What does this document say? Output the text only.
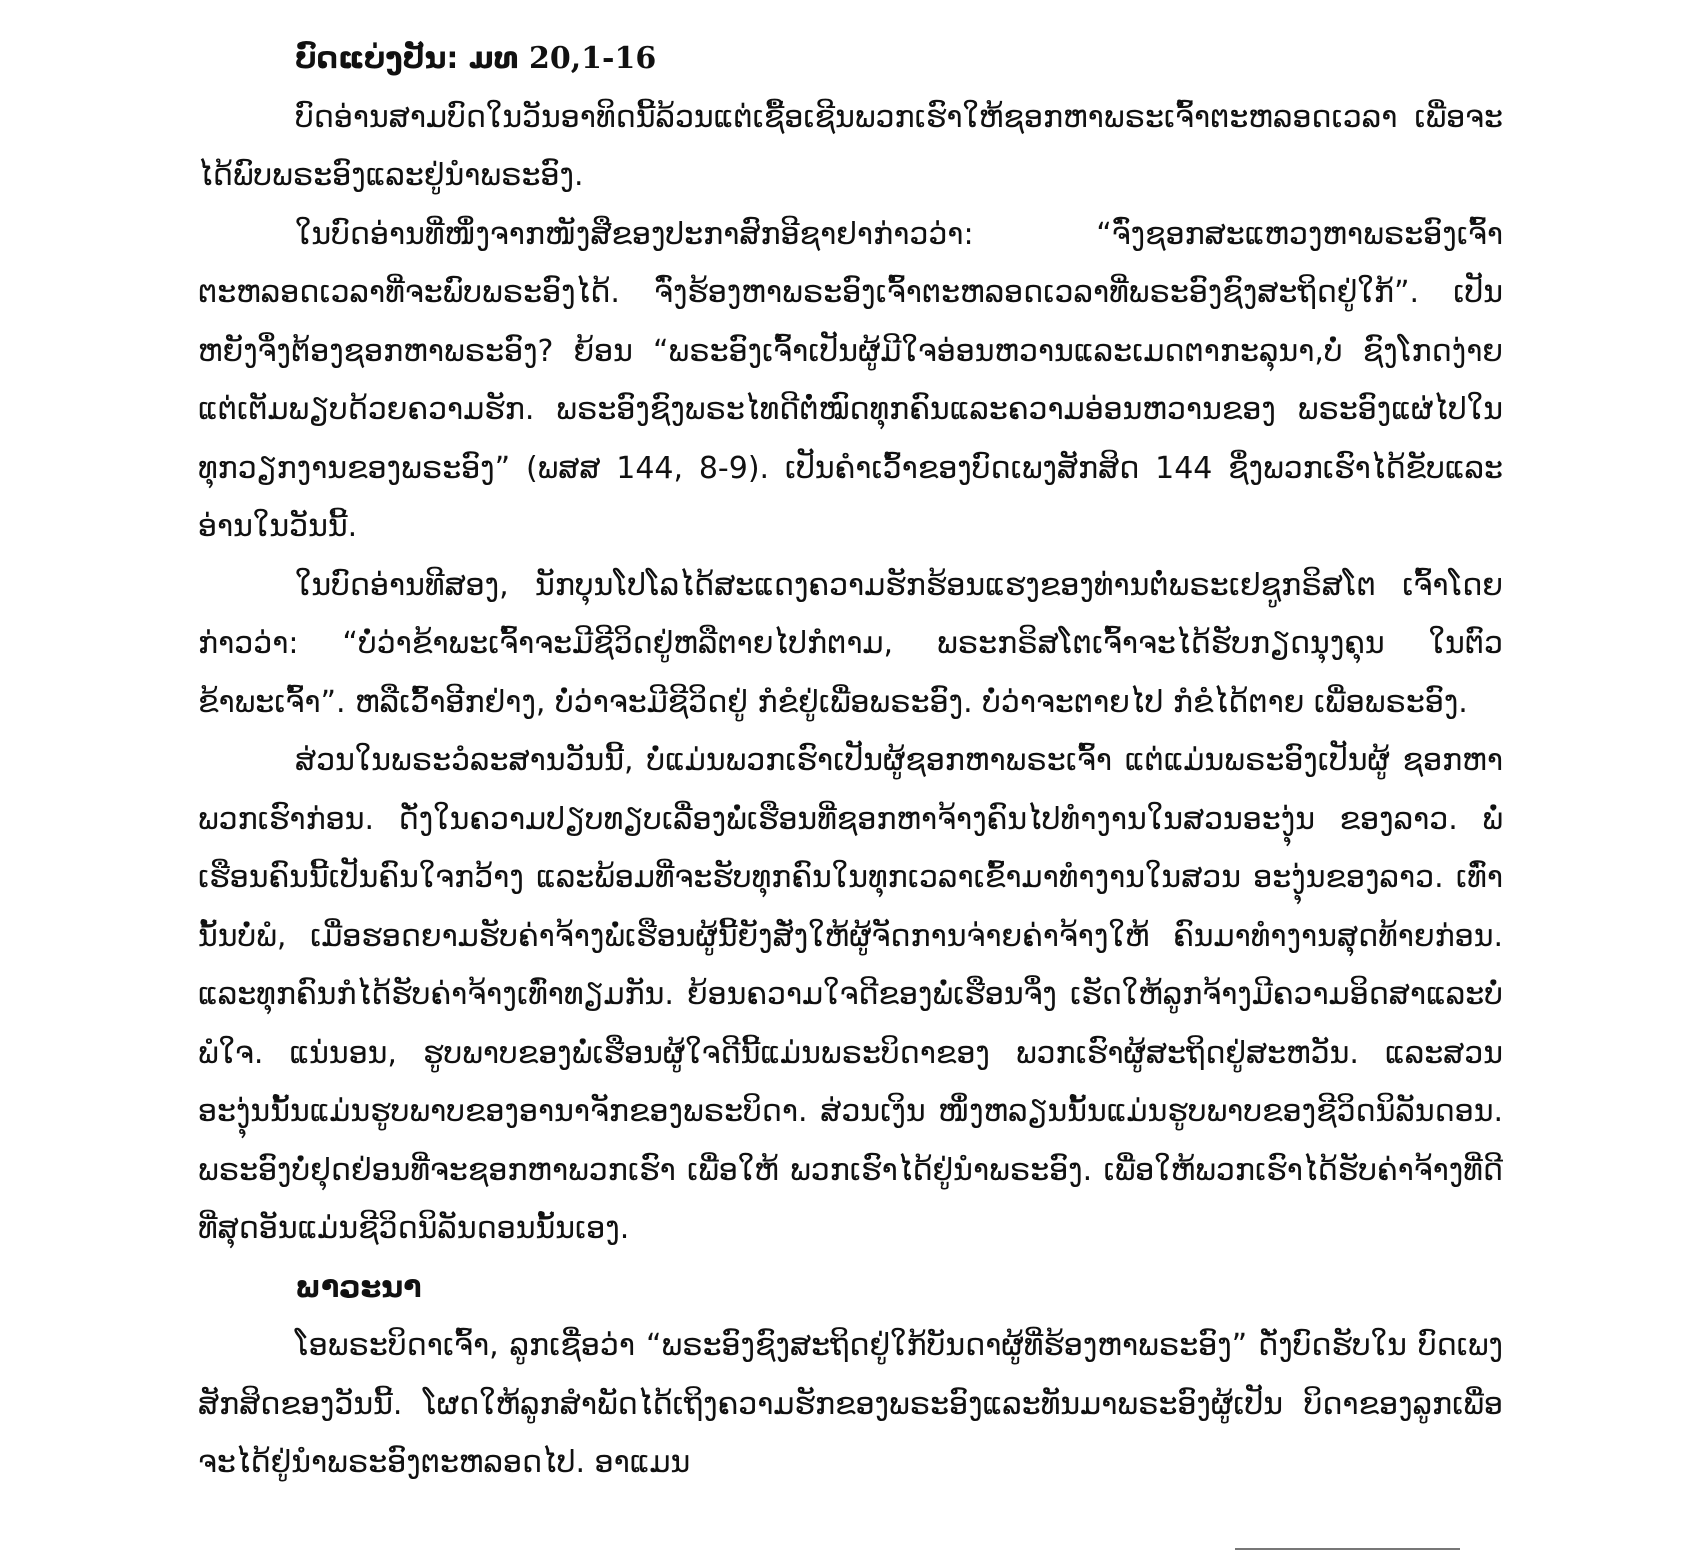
ບົດແບ່ງປັນ: ມທ 20,1-16

ບົດອ່ານສາມບົດໃນວັນອາທິດນີ້ລ້ວນແຕ່ເຊື້ອເຊີນພວກເຮົາໃຫ້ຊອກຫາພຣະເຈົ້າຕະຫລອດເວລາ ເພື່ອຈະໄດ້ພົບພຣະອົງແລະຢູ່ນຳພຣະອົງ.

ໃນບົດອ່ານທີ່ໜຶ່ງຈາກໜັງສືຂອງປະກາສົກອີຊາຢາກ່າວວ່າ: “ຈົ່ງຊອກສະແຫວງຫາພຣະອົງເຈົ້າ ຕະຫລອດເວລາທີ່ຈະພົບພຣະອົງໄດ້. ຈົ່ງຮ້ອງຫາພຣະອົງເຈົ້າຕະຫລອດເວລາທີ່ພຣະອົງຊົງສະຖິດຢູ່ໃກ້”. ເປັນຫຍັງຈຶ່ງຕ້ອງຊອກຫາພຣະອົງ? ຍ້ອນ “ພຣະອົງເຈົ້າເປັນຜູ້ມີໃຈອ່ອນຫວານແລະເມດຕາກະລຸນາ,ບໍ່ ຊົງໂກດງ່າຍ ແຕ່ເຕັມພຽບດ້ວຍຄວາມຮັກ. ພຣະອົງຊົງພຣະໄທດີຕໍ່ໝົດທຸກຄົນແລະຄວາມອ່ອນຫວານຂອງ ພຣະອົງແຜ່ໄປໃນທຸກວຽກງານຂອງພຣະອົງ” (ພສສ 144, 8-9). ເປັນຄຳເວົ້າຂອງບົດເພງສັກສິດ 144 ຊຶ່ງພວກເຮົາໄດ້ຂັບແລະອ່ານໃນວັນນີ້.

ໃນບົດອ່ານທີສອງ, ນັກບຸນໂປໂລໄດ້ສະແດງຄວາມຮັກຮ້ອນແຮງຂອງທ່ານຕໍ່ພຣະເຢຊູກຣິສໂຕ ເຈົ້າໂດຍກ່າວວ່າ: “ບໍ່ວ່າຂ້າພະເຈົ້າຈະມີຊີວິດຢູ່ຫລືຕາຍໄປກໍຕາມ, ພຣະກຣິສໂຕເຈົ້າຈະໄດ້ຮັບກຽດນຸງຄຸນ ໃນຕົວຂ້າພະເຈົ້າ”. ຫລືເວົ້າອີກຢ່າງ, ບໍ່ວ່າຈະມີຊີວິດຢູ່ ກໍຂໍຢູ່ເພື່ອພຣະອົງ. ບໍ່ວ່າຈະຕາຍໄປ ກໍຂໍໄດ້ຕາຍ ເພື່ອພຣະອົງ.

ສ່ວນໃນພຣະວໍລະສານວັນນີ້, ບໍ່ແມ່ນພວກເຮົາເປັນຜູ້ຊອກຫາພຣະເຈົ້າ ແຕ່ແມ່ນພຣະອົງເປັນຜູ້ ຊອກຫາພວກເຮົາກ່ອນ. ດັ່ງໃນຄວາມປຽບທຽບເລື່ອງພໍ່ເຮືອນທີ່ຊອກຫາຈ້າງຄົນໄປທຳງານໃນສວນອະງຸ່ນ ຂອງລາວ. ພໍ່ເຮືອນຄົນນີ້ເປັນຄົນໃຈກວ້າງ ແລະພ້ອມທີ່ຈະຮັບທຸກຄົນໃນທຸກເວລາເຂົ້າມາທຳງານໃນສວນ ອະງຸ່ນຂອງລາວ. ເທົ່ານັ້ນບໍ່ພໍ, ເມື່ອຮອດຍາມຮັບຄ່າຈ້າງພໍ່ເຮືອນຜູ້ນີ້ຍັງສັ່ງໃຫ້ຜູ້ຈັດການຈ່າຍຄ່າຈ້າງໃຫ້ ຄົນມາທຳງານສຸດທ້າຍກ່ອນ. ແລະທຸກຄົນກໍໄດ້ຮັບຄ່າຈ້າງເທົ່າທຽມກັນ. ຍ້ອນຄວາມໃຈດີຂອງພໍ່ເຮືອນຈຶ່ງ ເຮັດໃຫ້ລູກຈ້າງມີຄວາມອິດສາແລະບໍ່ພໍໃຈ. ແນ່ນອນ, ຮູບພາບຂອງພໍ່ເຮືອນຜູ້ໃຈດີນີ້ແມ່ນພຣະບິດາຂອງ ພວກເຮົາຜູ້ສະຖິດຢູ່ສະຫວັນ. ແລະສວນອະງຸ່ນນັ້ນແມ່ນຮູບພາບຂອງອານາຈັກຂອງພຣະບິດາ. ສ່ວນເງິນ ໜຶ່ງຫລຽນນັ້ນແມ່ນຮູບພາບຂອງຊີວິດນິລັນດອນ. ພຣະອົງບໍ່ຢຸດຢ່ອນທີ່ຈະຊອກຫາພວກເຮົາ ເພື່ອໃຫ້ ພວກເຮົາໄດ້ຢູ່ນຳພຣະອົງ. ເພື່ອໃຫ້ພວກເຮົາໄດ້ຮັບຄ່າຈ້າງທີ່ດີທີ່ສຸດອັນແມ່ນຊີວິດນິລັນດອນນັ້ນເອງ.

ພາວະນາ

ໂອພຣະບິດາເຈົ້າ, ລູກເຊື່ອວ່າ “ພຣະອົງຊົງສະຖິດຢູ່ໃກ້ບັນດາຜູ້ທີ່ຮ້ອງຫາພຣະອົງ” ດັ່ງບົດຮັບໃນ ບົດເພງສັກສິດຂອງວັນນີ້. ໂຜດໃຫ້ລູກສຳພັດໄດ້ເຖິງຄວາມຮັກຂອງພຣະອົງແລະທັນມາພຣະອົງຜູ້ເປັນ ບິດາຂອງລູກເພື່ອຈະໄດ້ຢູ່ນຳພຣະອົງຕະຫລອດໄປ. ອາແມນ
